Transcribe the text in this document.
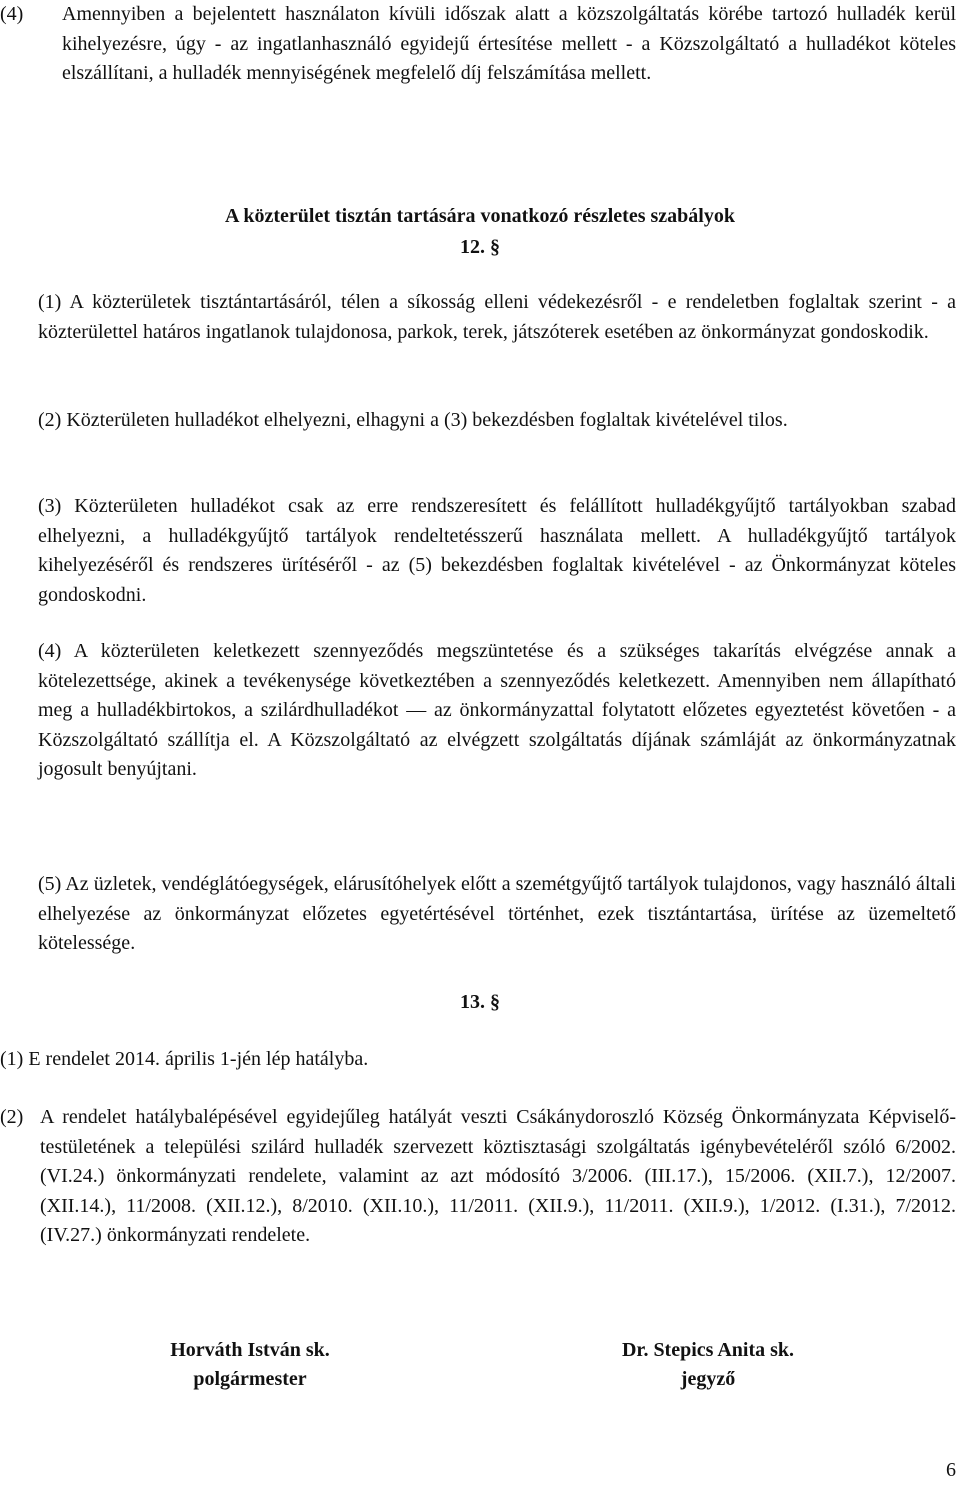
(4) Amennyiben a bejelentett használaton kívüli időszak alatt a közszolgáltatás körébe tartozó hulladék kerül kihelyezésre, úgy - az ingatlanhasználó egyidejű értesítése mellett - a Közszolgáltató a hulladékot köteles elszállítani, a hulladék mennyiségének megfelelő díj felszámítása mellett.
A közterület tisztán tartására vonatkozó részletes szabályok
12. §
(1) A közterületek tisztántartásáról, télen a síkosság elleni védekezésről - e rendeletben foglaltak szerint - a közterülettel határos ingatlanok tulajdonosa, parkok, terek, játszóterek esetében az önkormányzat gondoskodik.
(2) Közterületen hulladékot elhelyezni, elhagyni a (3) bekezdésben foglaltak kivételével tilos.
(3) Közterületen hulladékot csak az erre rendszeresített és felállított hulladékgyűjtő tartályokban szabad elhelyezni, a hulladékgyűjtő tartályok rendeltetésszerű használata mellett. A hulladékgyűjtő tartályok kihelyezéséről és rendszeres ürítéséről - az (5) bekezdésben foglaltak kivételével - az Önkormányzat köteles gondoskodni.
(4) A közterületen keletkezett szennyeződés megszüntetése és a szükséges takarítás elvégzése annak a kötelezettsége, akinek a tevékenysége következtében a szennyeződés keletkezett. Amennyiben nem állapítható meg a hulladékbirtokos, a szilárdhulladékot — az önkormányzattal folytatott előzetes egyeztetést követően - a Közszolgáltató szállítja el. A Közszolgáltató az elvégzett szolgáltatás díjának számláját az önkormányzatnak jogosult benyújtani.
(5) Az üzletek, vendéglátóegységek, elárusítóhelyek előtt a szemétgyűjtő tartályok tulajdonos, vagy használó általi elhelyezése az önkormányzat előzetes egyetértésével történhet, ezek tisztántartása, ürítése az üzemeltető kötelessége.
13. §
(1) E rendelet 2014. április 1-jén lép hatályba.
(2) A rendelet hatálybalépésével egyidejűleg hatályát veszti Csákánydoroszló Község Önkormányzata Képviselő-testületének a települési szilárd hulladék szervezett köztisztasági szolgáltatás igénybevételéről szóló 6/2002. (VI.24.) önkormányzati rendelete, valamint az azt módosító 3/2006. (III.17.), 15/2006. (XII.7.), 12/2007. (XII.14.), 11/2008. (XII.12.), 8/2010. (XII.10.), 11/2011. (XII.9.), 11/2011. (XII.9.), 1/2012. (I.31.), 7/2012. (IV.27.) önkormányzati rendelete.
Horváth István sk.
polgármester
Dr. Stepics Anita sk.
jegyző
6
